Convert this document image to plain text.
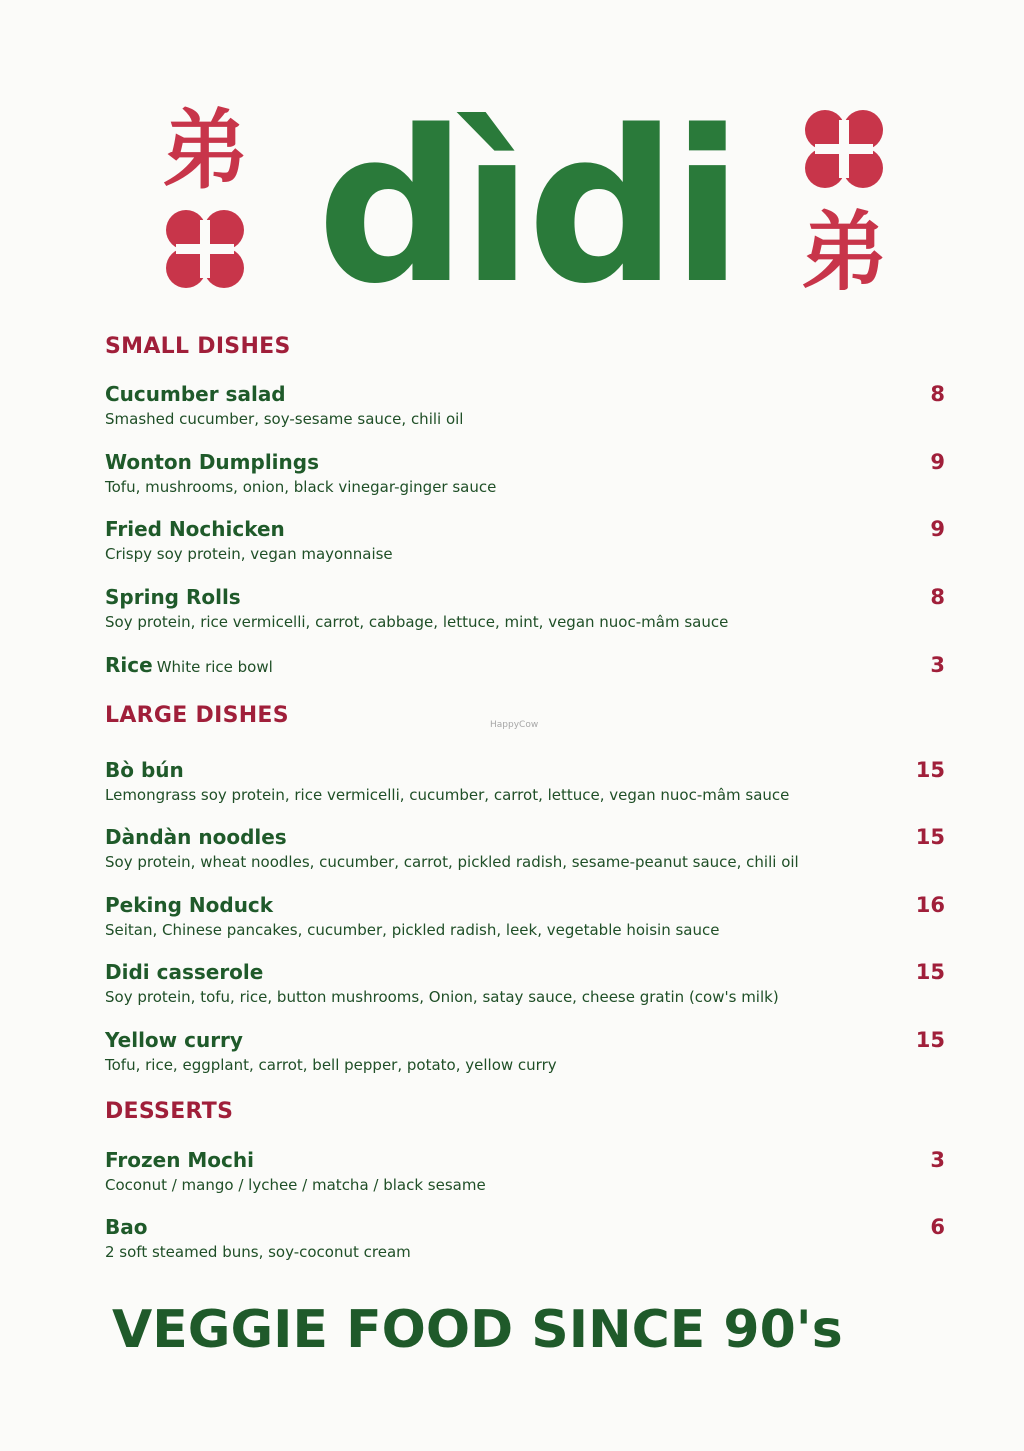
弟
弟
dìdi
SMALL DISHES
Cucumber salad
Smashed cucumber, soy-sesame sauce, chili oil
8
Wonton Dumplings
Tofu, mushrooms, onion, black vinegar-ginger sauce
9
Fried Nochicken
Crispy soy protein, vegan mayonnaise
9
Spring Rolls
Soy protein, rice vermicelli, carrot, cabbage, lettuce, mint, vegan nuoc-mâm sauce
8
Rice White rice bowl	3
LARGE DISHES	HappyCow
Bò bún
Lemongrass soy protein, rice vermicelli, cucumber, carrot, lettuce, vegan nuoc-mâm sauce
15
Dàndàn noodles
Soy protein, wheat noodles, cucumber, carrot, pickled radish, sesame-peanut sauce, chili oil
15
Peking Noduck
Seitan, Chinese pancakes, cucumber, pickled radish, leek, vegetable hoisin sauce
16
Didi casserole
Soy protein, tofu, rice, button mushrooms, Onion, satay sauce, cheese gratin (cow's milk)
15
Yellow curry
Tofu, rice, eggplant, carrot, bell pepper, potato, yellow curry
15
DESSERTS
Frozen Mochi
Coconut / mango / lychee / matcha / black sesame
3
Bao
2 soft steamed buns, soy-coconut cream
6
VEGGIE FOOD SINCE 90's
